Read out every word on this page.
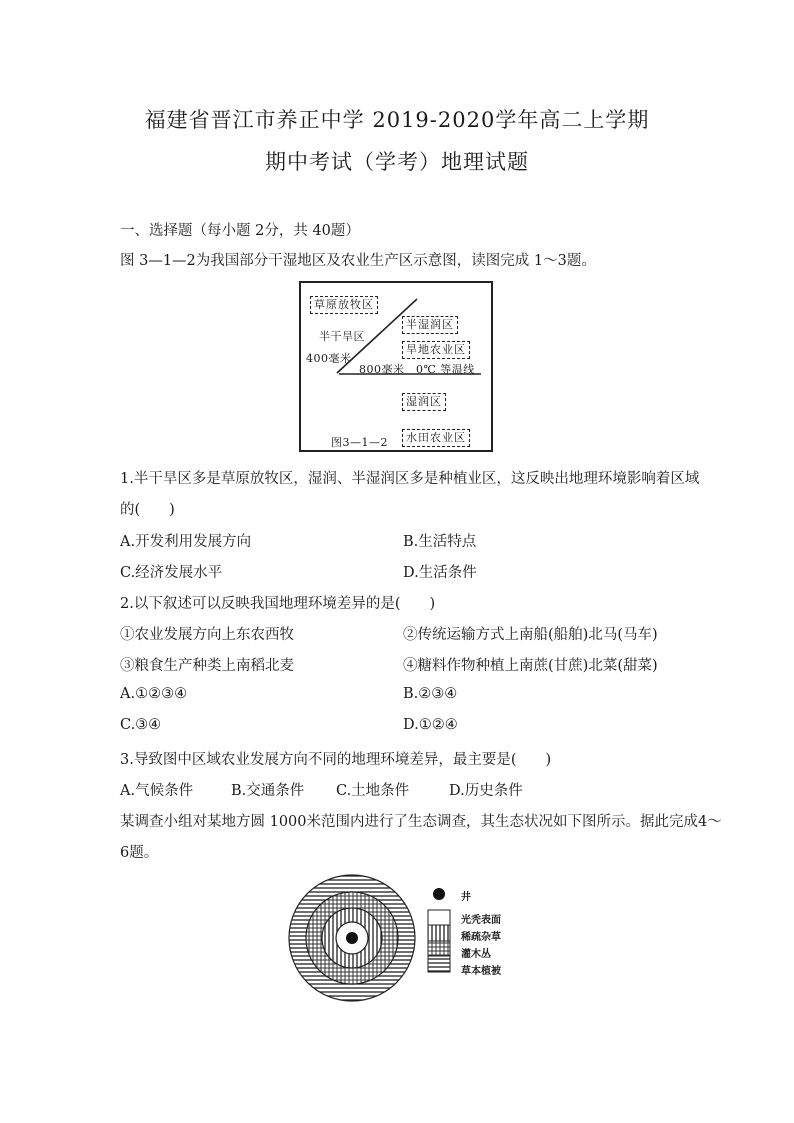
福建省晋江市养正中学 2019-2020学年高二上学期
期中考试（学考）地理试题
一、选择题（每小题 2分，共 40题）
图 3—1—2为我国部分干湿地区及农业生产区示意图，读图完成 1～3题。
草原放牧区
半干旱区
400毫米
半湿润区
旱地农业区
800毫米　0℃ 等温线
湿润区
图3—1—2	水田农业区
1.半干旱区多是草原放牧区，湿润、半湿润区多是种植业区，这反映出地理环境影响着区域
的(　　)
A.开发利用发展方向	B.生活特点
C.经济发展水平	D.生活条件
2.以下叙述可以反映我国地理环境差异的是(　　)
①农业发展方向上东农西牧	②传统运输方式上南船(船舶)北马(马车)
③粮食生产种类上南稻北麦	④糖料作物种植上南蔗(甘蔗)北菜(甜菜)
A.①②③④	B.②③④
C.③④	D.①②④
3.导致图中区域农业发展方向不同的地理环境差异，最主要是(　　)
A.气候条件	B.交通条件 C.土地条件	D.历史条件
某调查小组对某地方圆 1000米范围内进行了生态调查，其生态状况如下图所示。据此完成4～
6题。
井
光秃表面
稀疏杂草
灌木丛
草本植被
